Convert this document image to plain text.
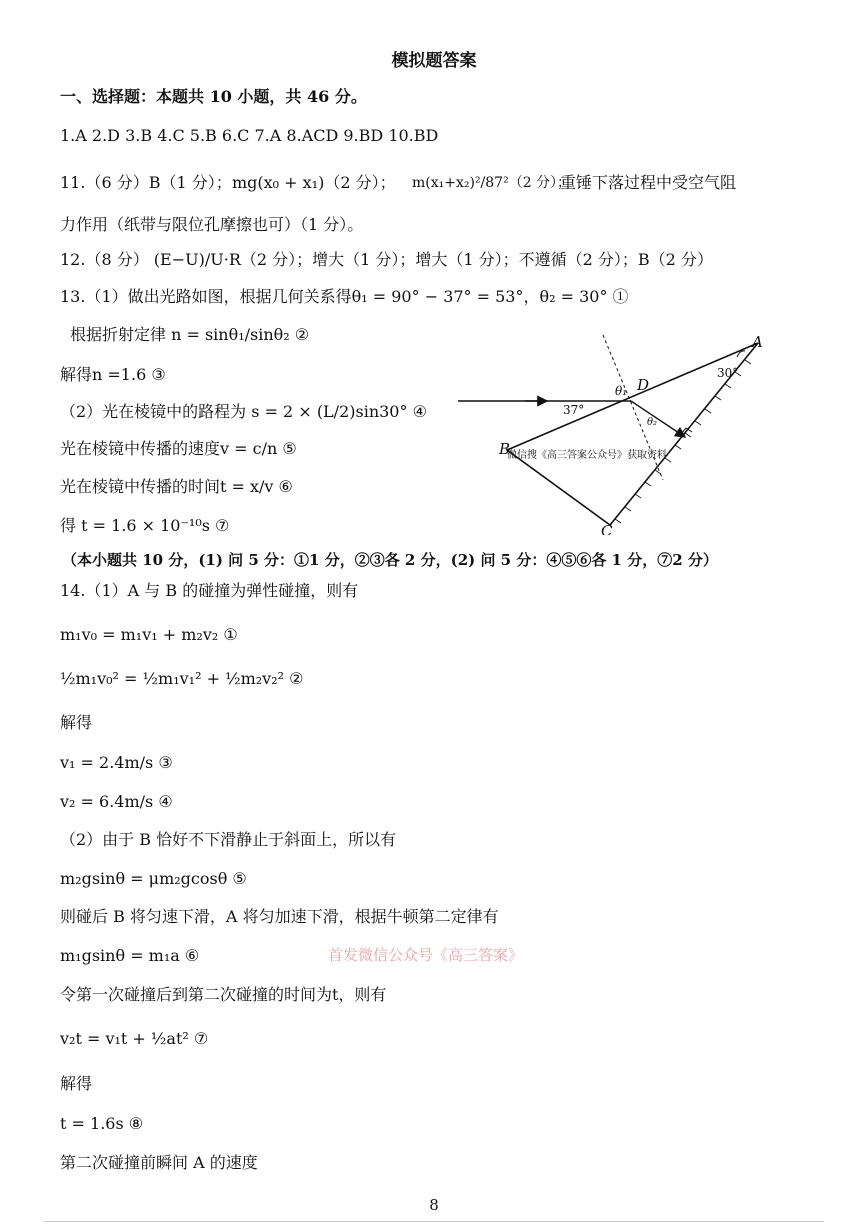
模拟题答案
一、选择题：本题共 10 小题，共 46 分。
1.A 2.D 3.B 4.C 5.B 6.C 7.A 8.ACD 9.BD 10.BD
11.（6 分）B（1 分）； mg(x₀ + x₁)（2 分）； m(x₁+x₂)²/87²（2 分）；
重锤下落过程中受空气阻
力作用（纸带与限位孔摩擦也可）（1 分）。
12.（8 分） (E−U)/U·R（2 分）；增大（1 分）；增大（1 分）；不遵循（2 分）；B（2 分）
13.（1）做出光路如图，根据几何关系得θ₁ = 90° − 37° = 53°，θ₂ = 30° ①
根据折射定律 n = sinθ₁/sinθ₂ ②
解得n =1.6 ③
（2）光在棱镜中的路程为 s = 2 × (L/2)sin30° ④
光在棱镜中传播的速度v = c/n ⑤
光在棱镜中传播的时间t = x/v ⑥
得 t = 1.6 × 10⁻¹⁰s ⑦
（本小题共 10 分，(1) 问 5 分：①1 分，②③各 2 分，(2) 问 5 分：④⑤⑥各 1 分，⑦2 分）
37°
30°
θ₁
θ₂
D
A
B
C
微信搜《高三答案公众号》获取资料
14.（1）A 与 B 的碰撞为弹性碰撞，则有
m₁v₀ = m₁v₁ + m₂v₂ ①
½m₁v₀² = ½m₁v₁² + ½m₂v₂² ②
解得
v₁ = 2.4m/s ③
v₂ = 6.4m/s ④
（2）由于 B 恰好不下滑静止于斜面上，所以有
m₂gsinθ = μm₂gcosθ ⑤
则碰后 B 将匀速下滑，A 将匀加速下滑，根据牛顿第二定律有
m₁gsinθ = m₁a ⑥
令第一次碰撞后到第二次碰撞的时间为t，则有
v₂t = v₁t + ½at² ⑦
解得
t = 1.6s ⑧
第二次碰撞前瞬间 A 的速度
首发微信公众号《高三答案》
8
